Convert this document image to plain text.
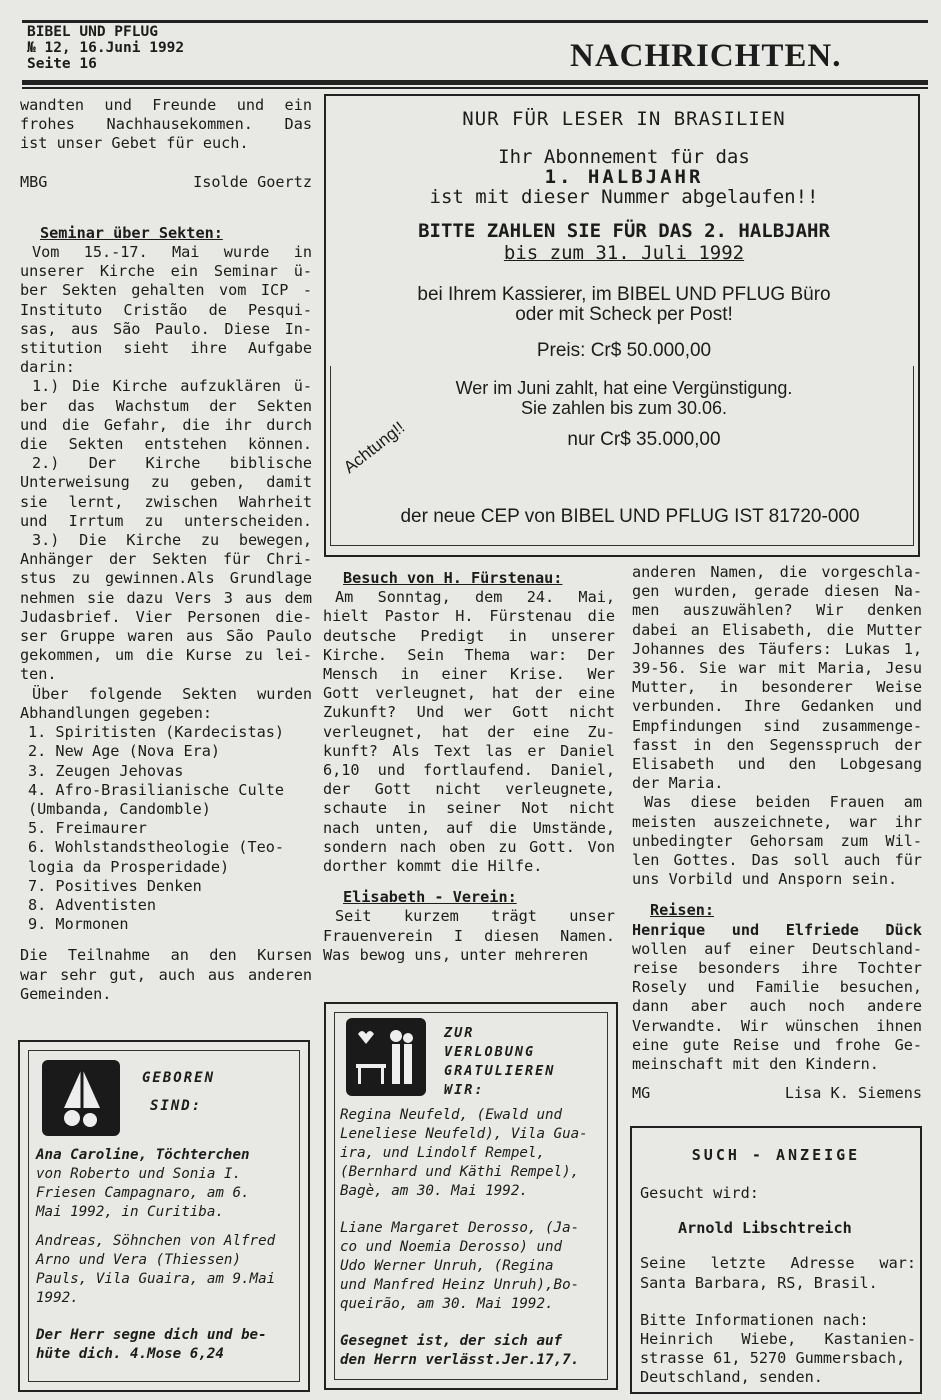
BIBEL UND PFLUG
№ 12, 16.Juni 1992
Seite 16	NACHRICHTEN.
wandten und Freunde und ein
frohes Nachhausekommen. Das
ist unser Gebet für euch.
MBG	Isolde Goertz
Seminar über Sekten:
Vom 15.-17. Mai wurde in
unserer Kirche ein Seminar ü-
ber Sekten gehalten vom ICP -
Instituto Cristão de Pesqui-
sas, aus São Paulo. Diese In-
stitution sieht ihre Aufgabe
darin:
1.) Die Kirche aufzuklären ü-
ber das Wachstum der Sekten
und die Gefahr, die ihr durch
die Sekten entstehen können.
2.) Der Kirche biblische
Unterweisung zu geben, damit
sie lernt, zwischen Wahrheit
und Irrtum zu unterscheiden.
3.) Die Kirche zu bewegen,
Anhänger der Sekten für Chri-
stus zu gewinnen.Als Grundlage
nehmen sie dazu Vers 3 aus dem
Judasbrief. Vier Personen die-
ser Gruppe waren aus São Paulo
gekommen, um die Kurse zu lei-
ten.
Über folgende Sekten wurden
Abhandlungen gegeben:
1. Spiritisten (Kardecistas)
2. New Age (Nova Era)
3. Zeugen Jehovas
4. Afro-Brasilianische Culte
(Umbanda, Candomble)
5. Freimaurer
6. Wohlstandstheologie (Teo-
logia da Prosperidade)
7. Positives Denken
8. Adventisten
9. Mormonen
Die Teilnahme an den Kursen
war sehr gut, auch aus anderen
Gemeinden.
NUR FÜR LESER IN BRASILIEN
Ihr Abonnement für das
1. HALBJAHR
ist mit dieser Nummer abgelaufen!!
BITTE ZAHLEN SIE FÜR DAS 2. HALBJAHR
bis zum 31. Juli 1992
bei Ihrem Kassierer, im BIBEL UND PFLUG Büro
oder mit Scheck per Post!
Preis: Cr$ 50.000,00
Wer im Juni zahlt, hat eine Vergünstigung.
Sie zahlen bis zum 30.06.
nur Cr$ 35.000,00
der neue CEP von BIBEL UND PFLUG IST 81720-000
Achtung!!
Besuch von H. Fürstenau:
Am Sonntag, dem 24. Mai,
hielt Pastor H. Fürstenau die
deutsche Predigt in unserer
Kirche. Sein Thema war: Der
Mensch in einer Krise. Wer
Gott verleugnet, hat der eine
Zukunft? Und wer Gott nicht
verleugnet, hat der eine Zu-
kunft? Als Text las er Daniel
6,10 und fortlaufend. Daniel,
der Gott nicht verleugnete,
schaute in seiner Not nicht
nach unten, auf die Umstände,
sondern nach oben zu Gott. Von
dorther kommt die Hilfe.
Elisabeth - Verein:
Seit kurzem trägt unser
Frauenverein I diesen Namen.
Was bewog uns, unter mehreren
anderen Namen, die vorgeschla-
gen wurden, gerade diesen Na-
men auszuwählen? Wir denken
dabei an Elisabeth, die Mutter
Johannes des Täufers: Lukas 1,
39-56. Sie war mit Maria, Jesu
Mutter, in besonderer Weise
verbunden. Ihre Gedanken und
Empfindungen sind zusammenge-
fasst in den Segensspruch der
Elisabeth und den Lobgesang
der Maria.
Was diese beiden Frauen am
meisten auszeichnete, war ihr
unbedingter Gehorsam zum Wil-
len Gottes. Das soll auch für
uns Vorbild und Ansporn sein.
Reisen:
Henrique und Elfriede Dück
wollen auf einer Deutschland-
reise besonders ihre Tochter
Rosely und Familie besuchen,
dann aber auch noch andere
Verwandte. Wir wünschen ihnen
eine gute Reise und frohe Ge-
meinschaft mit den Kindern.
MG	Lisa K. Siemens
GEBOREN
SIND:
Ana Caroline, Töchterchen
von Roberto und Sonia I.
Friesen Campagnaro, am 6.
Mai 1992, in Curitiba.
Andreas, Söhnchen von Alfred
Arno und Vera (Thiessen)
Pauls, Vila Guaira, am 9.Mai
1992.
Der Herr segne dich und be-
hüte dich. 4.Mose 6,24
ZUR
VERLOBUNG
GRATULIEREN
WIR:
Regina Neufeld, (Ewald und
Leneliese Neufeld), Vila Gua-
ira, und Lindolf Rempel,
(Bernhard und Käthi Rempel),
Bagè, am 30. Mai 1992.
Liane Margaret Derosso, (Ja-
co und Noemia Derosso) und
Udo Werner Unruh, (Regina
und Manfred Heinz Unruh),Bo-
queirão, am 30. Mai 1992.
Gesegnet ist, der sich auf
den Herrn verlässt.Jer.17,7.
SUCH - ANZEIGE
Gesucht wird:
Arnold Libschtreich
Seine letzte Adresse war:
Santa Barbara, RS, Brasil.
Bitte Informationen nach:
Heinrich Wiebe, Kastanien-
strasse 61, 5270 Gummersbach,
Deutschland, senden.
